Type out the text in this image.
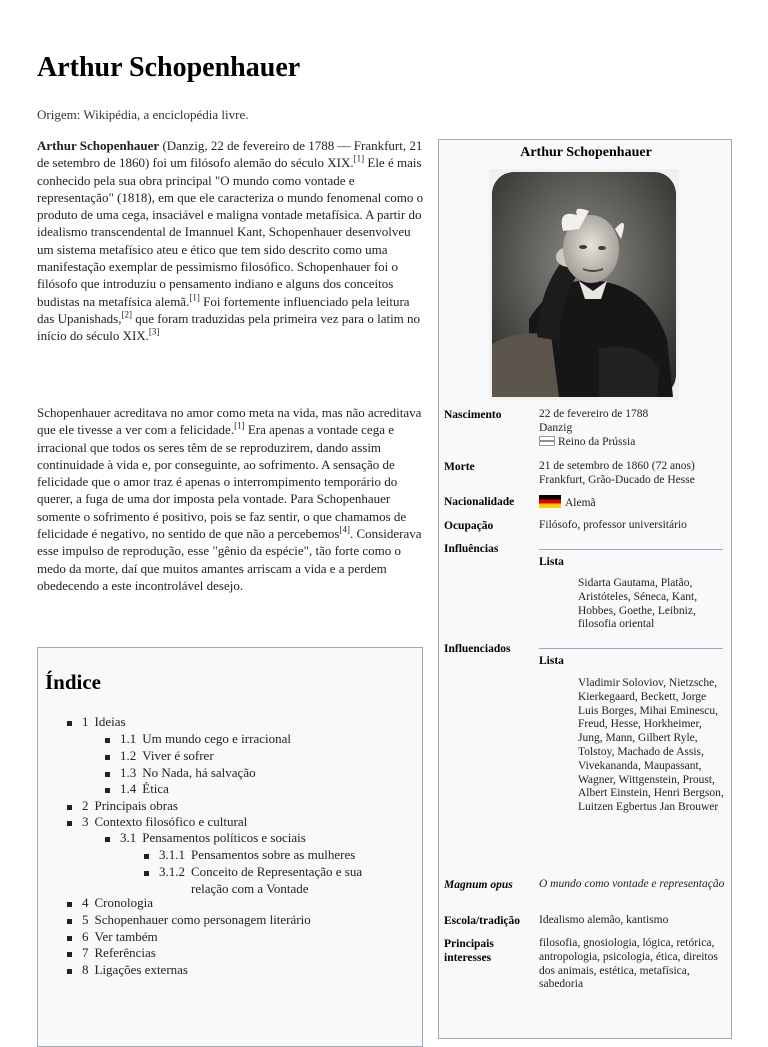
Arthur Schopenhauer
Origem: Wikipédia, a enciclopédia livre.

Arthur Schopenhauer (Danzig, 22 de fevereiro de 1788 — Frankfurt, 21 de setembro de 1860) foi um filósofo alemão do século XIX.[1] Ele é mais conhecido pela sua obra principal "O mundo como vontade e representação" (1818), em que ele caracteriza o mundo fenomenal como o produto de uma cega, insaciável e maligna vontade metafísica. A partir do idealismo transcendental de Imannuel Kant, Schopenhauer desenvolveu um sistema metafísico ateu e ético que tem sido descrito como uma manifestação exemplar de pessimismo filosófico. Schopenhauer foi o filósofo que introduziu o pensamento indiano e alguns dos conceitos budistas na metafísica alemã.[1] Foi fortemente influenciado pela leitura das Upanishads,[2] que foram traduzidas pela primeira vez para o latim no início do século XIX.[3]

Schopenhauer acreditava no amor como meta na vida, mas não acreditava que ele tivesse a ver com a felicidade.[1] Era apenas a vontade cega e irracional que todos os seres têm de se reproduzirem, dando assim continuidade à vida e, por conseguinte, ao sofrimento. A sensação de felicidade que o amor traz é apenas o interrompimento temporário do querer, a fuga de uma dor imposta pela vontade. Para Schopenhauer somente o sofrimento é positivo, pois se faz sentir, o que chamamos de felicidade é negativo, no sentido de que não a percebemos[4]. Considerava esse impulso de reprodução, esse "gênio da espécie", tão forte como o medo da morte, daí que muitos amantes arriscam a vida e a perdem obedecendo a este incontrolável desejo.

Índice
1 Ideias
1.1 Um mundo cego e irracional
1.2 Viver é sofrer
1.3 No Nada, há salvação
1.4 Ética
2 Principais obras
3 Contexto filosófico e cultural
3.1 Pensamentos políticos e sociais
3.1.1 Pensamentos sobre as mulheres
3.1.2 Conceito de Representação e sua relação com a Vontade
4 Cronologia
5 Schopenhauer como personagem literário
6 Ver também
7 Referências
8 Ligações externas
Arthur Schopenhauer
Nascimento	22 de fevereiro de 1788
Danzig
Reino da Prússia
Morte	21 de setembro de 1860 (72 anos)
Frankfurt, Grão-Ducado de Hesse
Nacionalidade	Alemã
Ocupação	Filósofo, professor universitário
Influências
Lista
Sidarta Gautama, Platão, Aristóteles, Séneca, Kant, Hobbes, Goethe, Leibniz, filosofia oriental
Influenciados
Lista
Vladimir Soloviov, Nietzsche, Kierkegaard, Beckett, Jorge Luis Borges, Mihai Eminescu, Freud, Hesse, Horkheimer, Jung, Mann, Gilbert Ryle, Tolstoy, Machado de Assis, Vivekananda, Maupassant, Wagner, Wittgenstein, Proust, Albert Einstein, Henri Bergson, Luitzen Egbertus Jan Brouwer
Magnum opus O mundo como vontade e representação
Escola/tradição Idealismo alemão, kantismo
Principais interesses
filosofia, gnosiologia, lógica, retórica, antropologia, psicologia, ética, direitos dos animais, estética, metafísica, sabedoria
